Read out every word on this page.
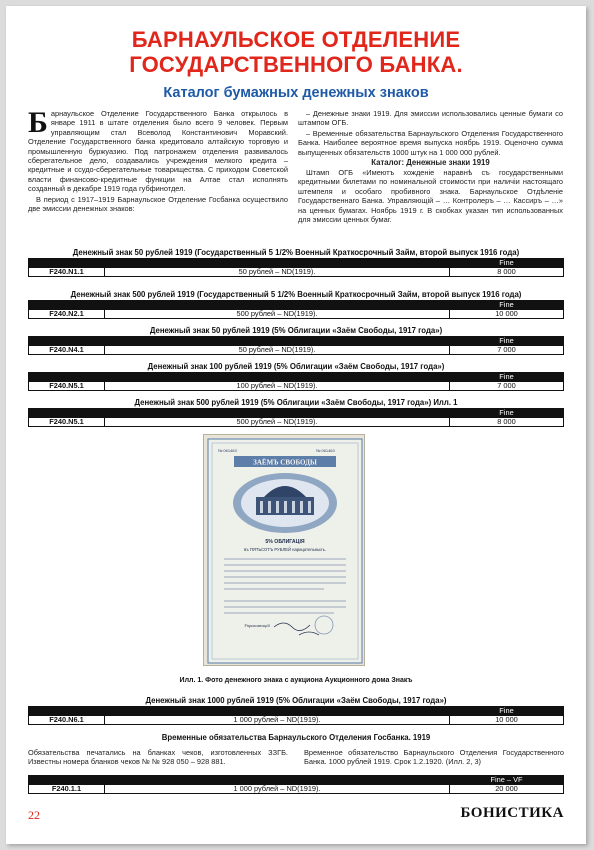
БАРНАУЛЬСКОЕ ОТДЕЛЕНИЕ
ГОСУДАРСТВЕННОГО БАНКА.
Каталог бумажных денежных знаков

Барнаульское Отделение Государственного Банка открылось в январе 1911 в штате отделения было всего 9 человек. Первым управляющим стал Всеволод Константинович Моравский. Отделение Государственного банка кредитовало алтайскую торговую и промышленную буржуазию. Под патронажем отделения развивалось сберегательное дело, создавались учреждения мелкого кредита – кредитные и ссудо-сберегательные товарищества. С приходом Советской власти финансово-кредитные функции на Алтае стал исполнять созданный в декабре 1919 года губфинотдел.

В период с 1917–1919 Барнаульское Отделение Госбанка осуществило две эмиссии денежных знаков:

– Денежные знаки 1919. Для эмиссии использовались ценные бумаги со штампом ОГБ.

– Временные обязательства Барнаульского Отделения Государственного Банка. Наиболее вероятное время выпуска ноябрь 1919. Оценочно сумма выпущенных обязательств 1000 штук на 1 000 000 рублей.

Каталог: Денежные знаки 1919

Штамп ОГБ «Имеютъ хожденiе наравнѣ съ государственными кредитными билетами по номинальной стоимости при наличiи настоящаго штемпеля и особаго пробивного знака. Барнаульское Отдѣленiе Государственнаго Банка. Управляющiй – … Контролеръ – … Кассиръ – …» на ценных бумагах. Ноябрь 1919 г. В скобках указан тип использованных для эмиссии ценных бумаг.

Денежный знак 50 рублей 1919 (Государственный 5 1/2% Военный Краткосрочный Займ, второй выпуск 1916 года)
		Fine
F240.N1.1	50 рублей – ND(1919).	8 000
Денежный знак 500 рублей 1919 (Государственный 5 1/2% Военный Краткосрочный Займ, второй выпуск 1916 года)
		Fine
F240.N2.1	500 рублей – ND(1919).	10 000
Денежный знак 50 рублей 1919 (5% Облигации «Заём Свободы, 1917 года»)
		Fine
F240.N4.1	50 рублей – ND(1919).	7 000
Денежный знак 100 рублей 1919 (5% Облигации «Заём Свободы, 1917 года»)
		Fine
F240.N5.1	100 рублей – ND(1919).	7 000
Денежный знак 500 рублей 1919 (5% Облигации «Заём Свободы, 1917 года») Илл. 1
		Fine
F240.N5.1	500 рублей – ND(1919).	8 000
№ 061463	№ 061463
ЗАЁМЪ СВОБОДЫ
5% ОБЛИГАЦІЯ
въ ПЯТЬСОТЪ РУБЛЕЙ нарицательныхъ.
Управляющій
Илл. 1. Фото денежного знака с аукциона Аукционного дома Знакъ
Денежный знак 1000 рублей 1919 (5% Облигации «Заём Свободы, 1917 года»)
		Fine
F240.N6.1	1 000 рублей – ND(1919).	10 000
Временные обязательства Барнаульского Отделения Госбанка. 1919
Обязательства печатались на бланках чеков, изготовленных ЗЗГБ. Известны номера бланков чеков № № 928 050 – 928 881.
Временное обязательство Барнаульского Отделения Государственного Банка. 1000 рублей 1919. Срок 1.2.1920. (Илл. 2, 3)
		Fine – VF
F240.1.1	1 000 рублей – ND(1919).	20 000
22	БОНИСТИКА
